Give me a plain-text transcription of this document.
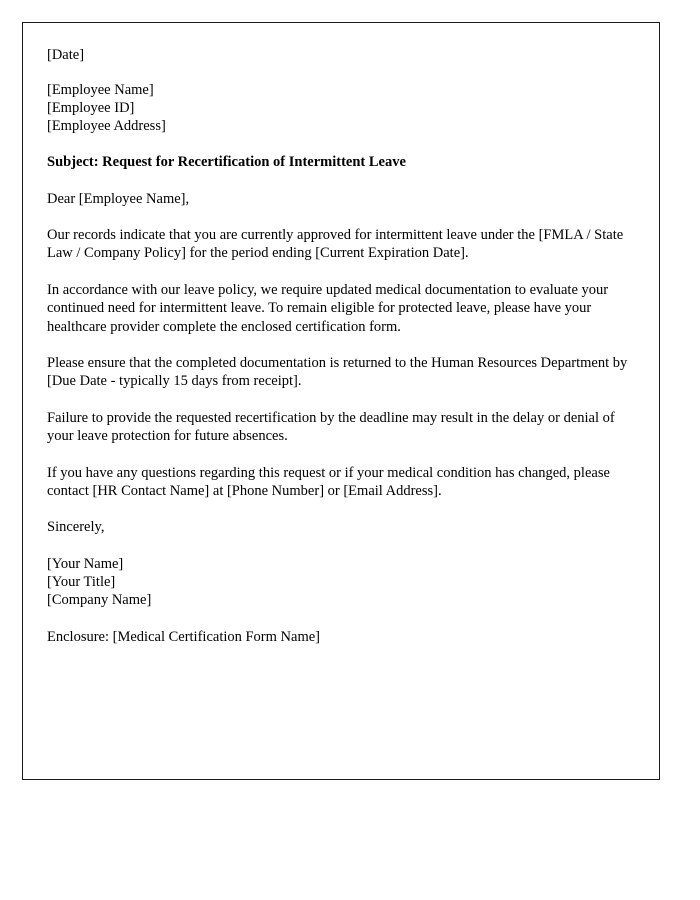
[Date]
[Employee Name]
[Employee ID]
[Employee Address]
Subject: Request for Recertification of Intermittent Leave
Dear [Employee Name],
Our records indicate that you are currently approved for intermittent leave under the [FMLA / State Law / Company Policy] for the period ending [Current Expiration Date].
In accordance with our leave policy, we require updated medical documentation to evaluate your continued need for intermittent leave. To remain eligible for protected leave, please have your healthcare provider complete the enclosed certification form.
Please ensure that the completed documentation is returned to the Human Resources Department by [Due Date - typically 15 days from receipt].
Failure to provide the requested recertification by the deadline may result in the delay or denial of your leave protection for future absences.
If you have any questions regarding this request or if your medical condition has changed, please contact [HR Contact Name] at [Phone Number] or [Email Address].
Sincerely,
[Your Name]
[Your Title]
[Company Name]
Enclosure: [Medical Certification Form Name]
